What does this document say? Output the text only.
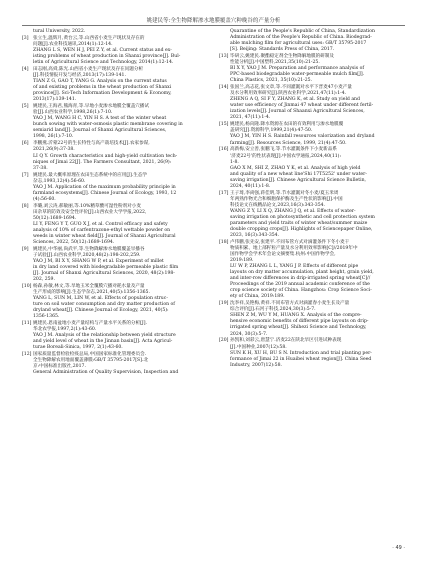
姚建民等:全生物降解渗水地膜覆盖穴种晚谷的产量分析
tural University, 2022.
[3] 张立生,温辉月,黄台云,等.山西省小麦生产现状及存在的
问题[J].农业科技通讯,2014(1):12-14.
ZHANG L S, WEN H J, PEI Z Y, et al. Current status and ex-
isting problems of wheat production in Shanxi province[J]. Bul-
letin of Agricultural Science and Technology, 2014(1):12-14.
[4] 田志刚,高舜,陈光.山西省小麦生产现状及存在问题分析
[J].科技情报开发与经济,2013(17):139-141.
TIAN Z G, GAO T, YANG G. Analysis on the current status
of and existing problems in the wheat production of Shanxi
province[J]. Sci-Tech Information Development & Economy,
2013(17):139-141.
[5] 姚建民,王海君,熊海青,等.早地小麦渗水地膜全覆盖穴播试
验[J].山西农业科学,1998,26(1):7-10.
YAO J M, WANG H C, YIN H S. A test of the winter wheat
bunch sowing with water-osmosis plastic membrane covering in
semiarid land[J]. Journal of Shanxi Agricultural Sciences,
1998, 26(1):7-10.
[6] 李鹏燕.沂蒙22号的生长特性与高产栽培技术[J].农家参谋,
2021,26(9):37-38.
LI Q Y. Growth characteristics and high-yield cultivation tech-
niques of Jimai 22[J]. The Farmers Consultant, 2021, 26(9):
37-38.
[7] 姚建民.最大概率原理在农田生态系统中的应用[J].生态学
杂志,1993,12(4):56-60.
YAO J M. Application of the maximum probability principle in
farmland ecosystems[J]. Chinese Journal of Ecology, 1993, 12
(4):56-60.
[8] 李璐,刘云涛,郝敏丽,等.10%精草酸可湿性粉剂对小麦
田杂草的防效及安全性评价[J].山西农业大学学报,2022,
50(12):1689-1694.
LI Y, FENG Y T, GUO X J, et al. Control efficacy and safety
analysis of 10% of carfentrazone-ethyl wettable powder on
weeds in winter wheat field[J]. Journal of Shanxi Agricultural
Sciences, 2022, 50(12):1689-1694.
[9] 姚建民,中华丽,尚武平,等.生物降解渗水地膜覆盖旱播谷
子试验[J].山西农业科学,2020,48(2):198-202,259.
YAO J M, BI X Y, SHANG W P, et al. Experiment of millet
in dry land covered with biodegradable permeable plastic film
[J]. Journal of Shanxi Agricultural Sciences, 2020, 48(2):198-
202, 259.
[10] 杨森,孙敏,林文,等.旱地玉米全覆膜穴播对耗水量及产量
生产形成的影响[J].生态学杂志,2021,40(5):1356-1365.
YANG L, SUN M, LIN W, et al. Effects of population struc-
ture on soil water consumption and dry matter production of
dryland wheat[J]. Chinese Journal of Ecology, 2021, 40(5):
1356-1365.
[11] 姚建民.恩南盆地小麦产量结构与产量水平关系的分析[J].
华北农学报,1997,2(1):43-60.
YAO J M. Analysis of the relationship between yield structure
and yield level of wheat in the Jinnan basin[J]. Acta Agricul-
turae Boreali-Sinica, 1997, 2(1):43-60.
[12] 国家质量监督检验检疫总局,中国国家标准化管理委员会.
全生物降解农用地面覆盖薄膜:GB/T 35795-2017[S].北
京:中国标准出版社,2017.
General Administration of Quality Supervision, Inspection and
Quarantine of the People's Republic of China, Standardization
Administration of the People's Republic of China. Biodegrad-
able mulching film for agricultural uses: GB/T 35795-2017
[S]. Beijing: Standards Press of China, 2017.
[13] 毕研云,姚建民.聚酯稳定剂全生物降解地膜的研制及
性能分析[J].中国塑料,2021,35(10):21-25.
BI X Y, YAO J M. Preparation and performance analysis of
PPC-based biodegradable water-permeable mulch film[J].
China Plastics, 2021, 35(10):21-25.
[14] 张国兰,高志花,张文章,等.不同灌溉对水平下晋麦47小麦产量
及水分利用效率研究[J].陕西农业科学,2021,47(11):1-4.
ZHENG A Q, SI F Y, ZHANG K, et al. Study on yield and
water use efficiency of Jinmai 47 wheat under different fertil-
ization levels[J]. Journal of Shaanxi Agricultural Sciences,
2021, 47(11):1-4.
[15] 姚建民,杨向隆.降水资源在农田的有效利用与渗水地膜覆
盖研究[J].资源科学,1999,21(4):47-50.
YAO J M, YIN H S. Rainfall resources valorization and dryland
farming[J]. Resources Science, 1999, 21(4):47-50.
[16] 高新梅,安立善,张鹏飞,等.节水灌溉条件下小麦新品系
'济麦22号'的性状表现[J].中国农学通报,2024,40(11):
1-8.
GAO X M, SHI Z, ZHAO Y K, et al. Analysis of high yield
and quality of a new wheat line'Shi 17T5252' under water-
saving irrigation[J]. Chinese Agricultural Science Bulletin,
2024, 40(11):1-8.
[17] 王子琦,李尚强,蒋佳明,等.节水灌溉对冬小麦/夏玉米周
年两熟作物光合和细胞保护酶及生产性状的影响[J].中国
科技论文在线精品论文,2023,16(3):343-354.
WANG Z Y, LI X Q, ZHANG J Q, et al. Effects of water-
saving irrigation on photosynthetic and cell protection system
parameters and yield traits of winter wheat/summer maize
double cropping crops[J]. Highlights of Sciencepaper Online,
2023, 16(3):343-354.
[18] 卢伟鹏,张先安,张建平.不同布管方式对滴灌条件下冬小麦干
物质积累、地上部籽粒产量及水分利用效率影响[C]//2019年中
国作物学会学术年会论文摘要集.杭州:中国作物学会,
2019:189.
LU W P, ZHANG L L, YANG J P. Effects of different pipe
layouts on dry matter accumulation, plant height, grain yield,
and inter-row differences in drip-irrigated spring wheat[C]//
Proceedings of the 2019 annual academic conference of the
crop science society of China. Hangzhou: Crop Science Soci-
ety of China, 2019:189.
[19] 沈李祥,吴艳梅,黄祥.不同布管方式对滴灌春小麦生长及产量
综合评价[J].石河子科技,2024,30(3):5-7.
SHEN Z M, WU Y M, HUANG X. Analysis of the compre-
hensive economic benefits of different pipe layouts on drip-
irrigated spring wheat[J]. Shihezi Science and Technology,
2024, 30(3):5-7.
[20] 孙凯和,刘彩云,唐慧宁.济麦22在陕北旱区引进试种表现
[J].中国种业,2007(12):58.
SUN K H, XU H, BU S N. Introduction and trial planting per-
formance of Jimai 22 in Huaibei wheat region[J]. China Seed
Industry, 2007(12):58.
· 49 ·
